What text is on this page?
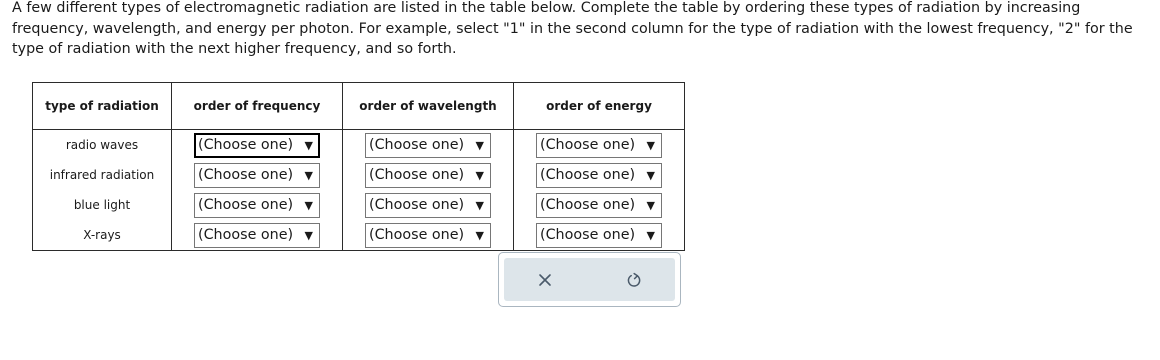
A few different types of electromagnetic radiation are listed in the table below. Complete the table by ordering these types of radiation by increasing frequency, wavelength, and energy per photon. For example, select "1" in the second column for the type of radiation with the lowest frequency, "2" for the type of radiation with the next higher frequency, and so forth.

type of radiation	order of frequency	order of wavelength	order of energy
radio waves	(Choose one) ▼	(Choose one) ▼	(Choose one) ▼

infrared radiation	(Choose one) ▼	(Choose one) ▼	(Choose one) ▼

blue light	(Choose one) ▼	(Choose one) ▼	(Choose one) ▼

X-rays	(Choose one) ▼	(Choose one) ▼	(Choose one) ▼
